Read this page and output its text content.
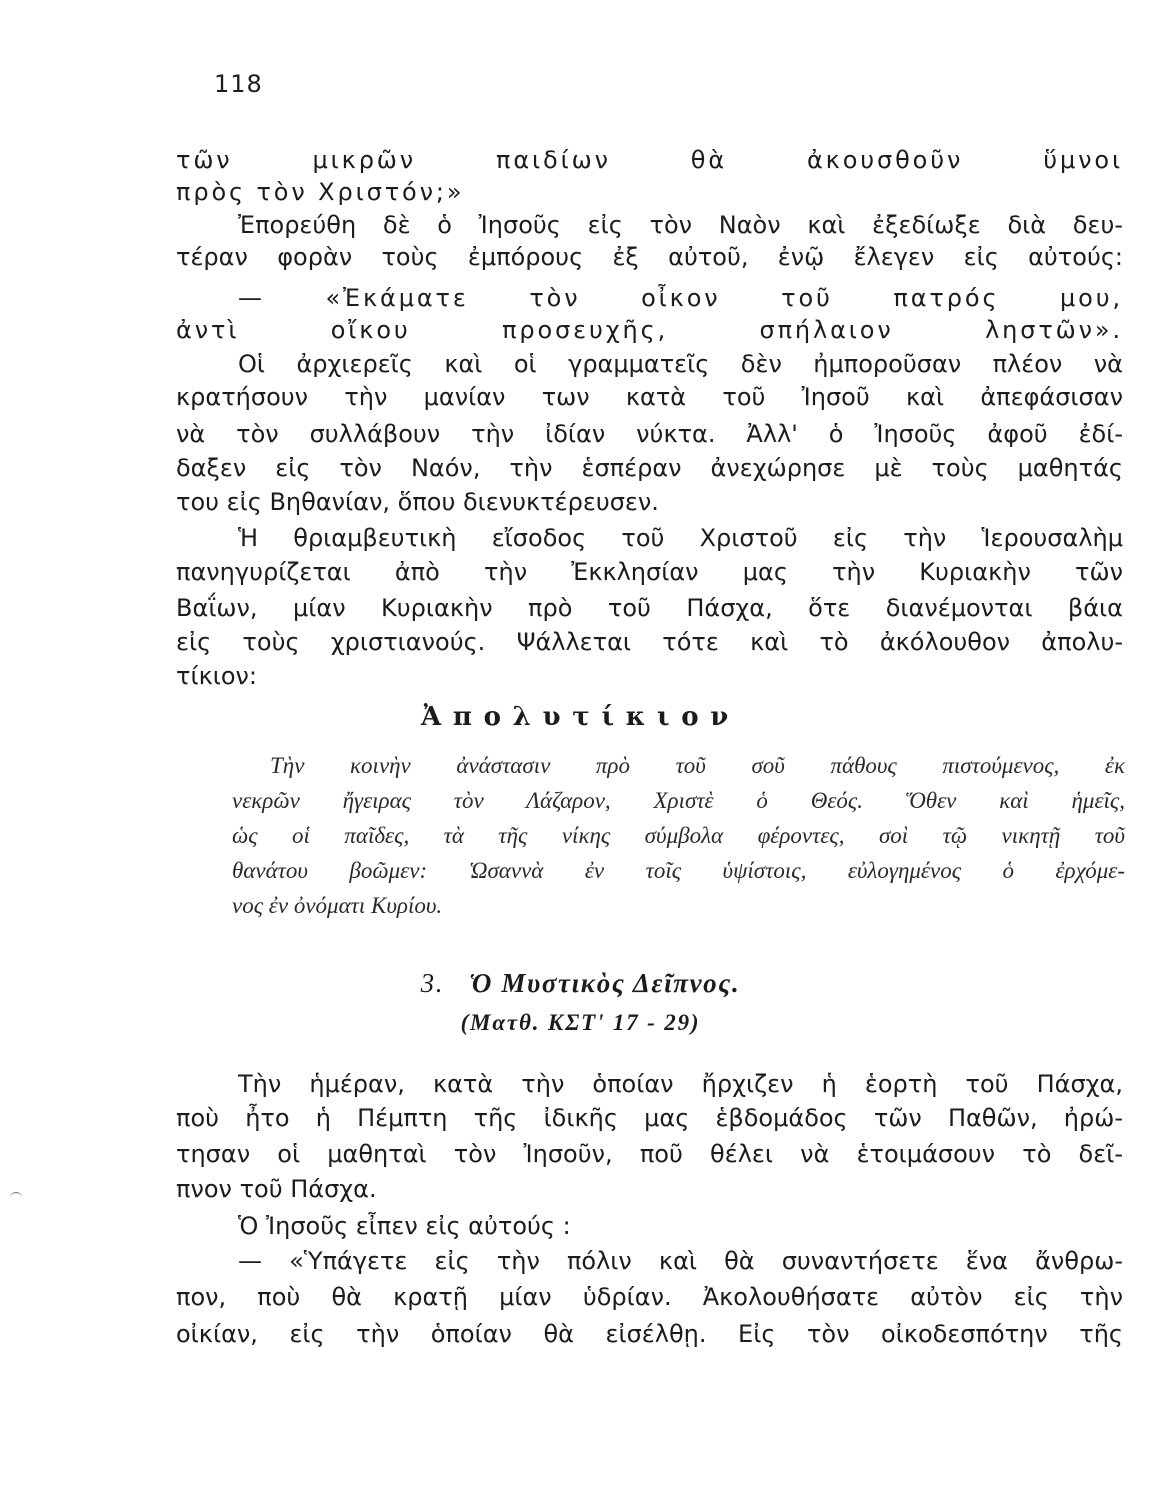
118
τῶν μικρῶν παιδίων θὰ ἀκουσθοῦν ὕμνοι
πρὸς τὸν Χριστόν;»
Ἐπορεύθη δὲ ὁ Ἰησοῦς εἰς τὸν Ναὸν καὶ ἐξεδίωξε διὰ δευ-
τέραν φορὰν τοὺς ἐμπόρους ἐξ αὐτοῦ, ἐνῷ ἔλεγεν εἰς αὐτούς:
— «Ἐκάματε τὸν οἶκον τοῦ πατρός μου,
ἀντὶ οἴκου προσευχῆς, σπήλαιον ληστῶν».
Οἱ ἀρχιερεῖς καὶ οἱ γραμματεῖς δὲν ἠμποροῦσαν πλέον νὰ
κρατήσουν τὴν μανίαν των κατὰ τοῦ Ἰησοῦ καὶ ἀπεφάσισαν
νὰ τὸν συλλάβουν τὴν ἰδίαν νύκτα. Ἀλλ' ὁ Ἰησοῦς ἀφοῦ ἐδί-
δαξεν εἰς τὸν Ναόν, τὴν ἑσπέραν ἀνεχώρησε μὲ τοὺς μαθητάς
του εἰς Βηθανίαν, ὅπου διενυκτέρευσεν.
Ἡ θριαμβευτικὴ εἴσοδος τοῦ Χριστοῦ εἰς τὴν Ἱερουσαλὴμ
πανηγυρίζεται ἀπὸ τὴν Ἐκκλησίαν μας τὴν Κυριακὴν τῶν
Βαΐων, μίαν Κυριακὴν πρὸ τοῦ Πάσχα, ὅτε διανέμονται βάια
εἰς τοὺς χριστιανούς. Ψάλλεται τότε καὶ τὸ ἀκόλουθον ἀπολυ-
τίκιον:
Ἀπολυτίκιον
Τὴν κοινὴν ἀνάστασιν πρὸ τοῦ σοῦ πάθους πιστούμενος, ἐκ
νεκρῶν ἤγειρας τὸν Λάζαρον, Χριστὲ ὁ Θεός. Ὅθεν καὶ ἡμεῖς,
ὡς οἱ παῖδες, τὰ τῆς νίκης σύμβολα φέροντες, σοὶ τῷ νικητῇ τοῦ
θανάτου βοῶμεν: Ὡσαννὰ ἐν τοῖς ὑψίστοις, εὐλογημένος ὁ ἐρχόμε-
νος ἐν ὀνόματι Κυρίου.
3. Ὁ Μυστικὸς Δεῖπνος.
(Ματθ. ΚΣΤ' 17 - 29)
Τὴν ἡμέραν, κατὰ τὴν ὁποίαν ἤρχιζεν ἡ ἑορτὴ τοῦ Πάσχα,
ποὺ ἦτο ἡ Πέμπτη τῆς ἰδικῆς μας ἑβδομάδος τῶν Παθῶν, ἠρώ-
τησαν οἱ μαθηταὶ τὸν Ἰησοῦν, ποῦ θέλει νὰ ἑτοιμάσουν τὸ δεῖ-
πνον τοῦ Πάσχα.
Ὁ Ἰησοῦς εἶπεν εἰς αὐτούς :
— «Ὑπάγετε εἰς τὴν πόλιν καὶ θὰ συναντήσετε ἕνα ἄνθρω-
πον, ποὺ θὰ κρατῇ μίαν ὑδρίαν. Ἀκολουθήσατε αὐτὸν εἰς τὴν
οἰκίαν, εἰς τὴν ὁποίαν θὰ εἰσέλθῃ. Εἰς τὸν οἰκοδεσπότην τῆς
